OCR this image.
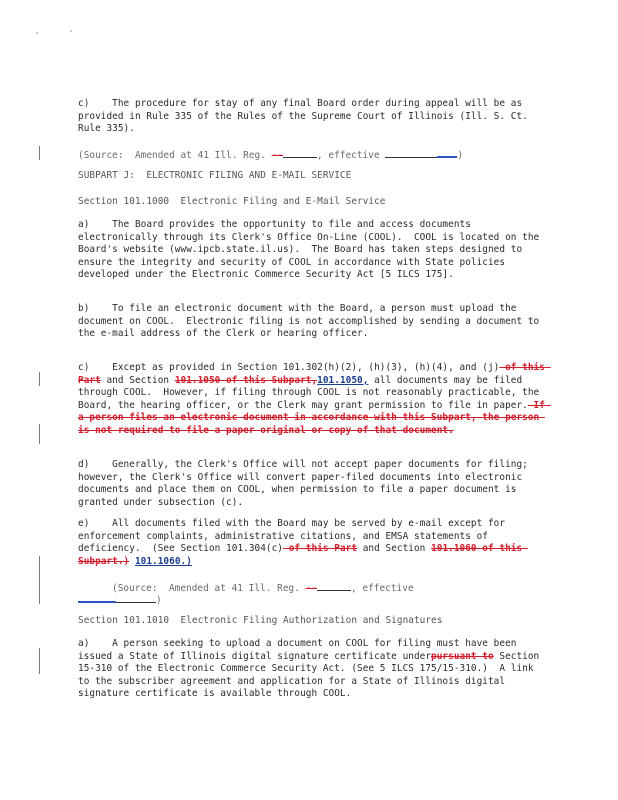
c)    The procedure for stay of any final Board order during appeal will be as provided in Rule 335 of the Rules of the Supreme Court of Illinois (Ill. S. Ct. Rule 335).

(Source:  Amended at 41 Ill. Reg. --	, effective	)

SUBPART J:  ELECTRONIC FILING AND E-MAIL SERVICE

Section 101.1000  Electronic Filing and E-Mail Service

a)    The Board provides the opportunity to file and access documents electronically through its Clerk's Office On-Line (COOL).  COOL is located on the Board's website (www.ipcb.state.il.us).  The Board has taken steps designed to ensure the integrity and security of COOL in accordance with State policies developed under the Electronic Commerce Security Act [5 ILCS 175].

b)    To file an electronic document with the Board, a person must upload the document on COOL.  Electronic filing is not accomplished by sending a document to the e-mail address of the Clerk or hearing officer.

c)    Except as provided in Section 101.302(h)(2), (h)(3), (h)(4), and (j) of this Part and Section 101.1050 of this Subpart,101.1050, all documents may be filed through COOL.  However, if filing through COOL is not reasonably practicable, the Board, the hearing officer, or the Clerk may grant permission to file in paper. If a person files an electronic document in accordance with this Subpart, the person is not required to file a paper original or copy of that document.

d)    Generally, the Clerk's Office will not accept paper documents for filing; however, the Clerk's Office will convert paper-filed documents into electronic documents and place them on COOL, when permission to file a paper document is granted under subsection (c).

e)    All documents filed with the Board may be served by e-mail except for enforcement complaints, administrative citations, and EMSA statements of deficiency.  (See Section 101.304(c) of this Part and Section 101.1060 of this Subpart.) 101.1060.)

(Source:  Amended at 41 Ill. Reg. --	, effective

)

Section 101.1010  Electronic Filing Authorization and Signatures

a)    A person seeking to upload a document on COOL for filing must have been issued a State of Illinois digital signature certificate underpursuant to Section 15-310 of the Electronic Commerce Security Act. (See 5 ILCS 175/15-310.)  A link to the subscriber agreement and application for a State of Illinois digital signature certificate is available through COOL.
